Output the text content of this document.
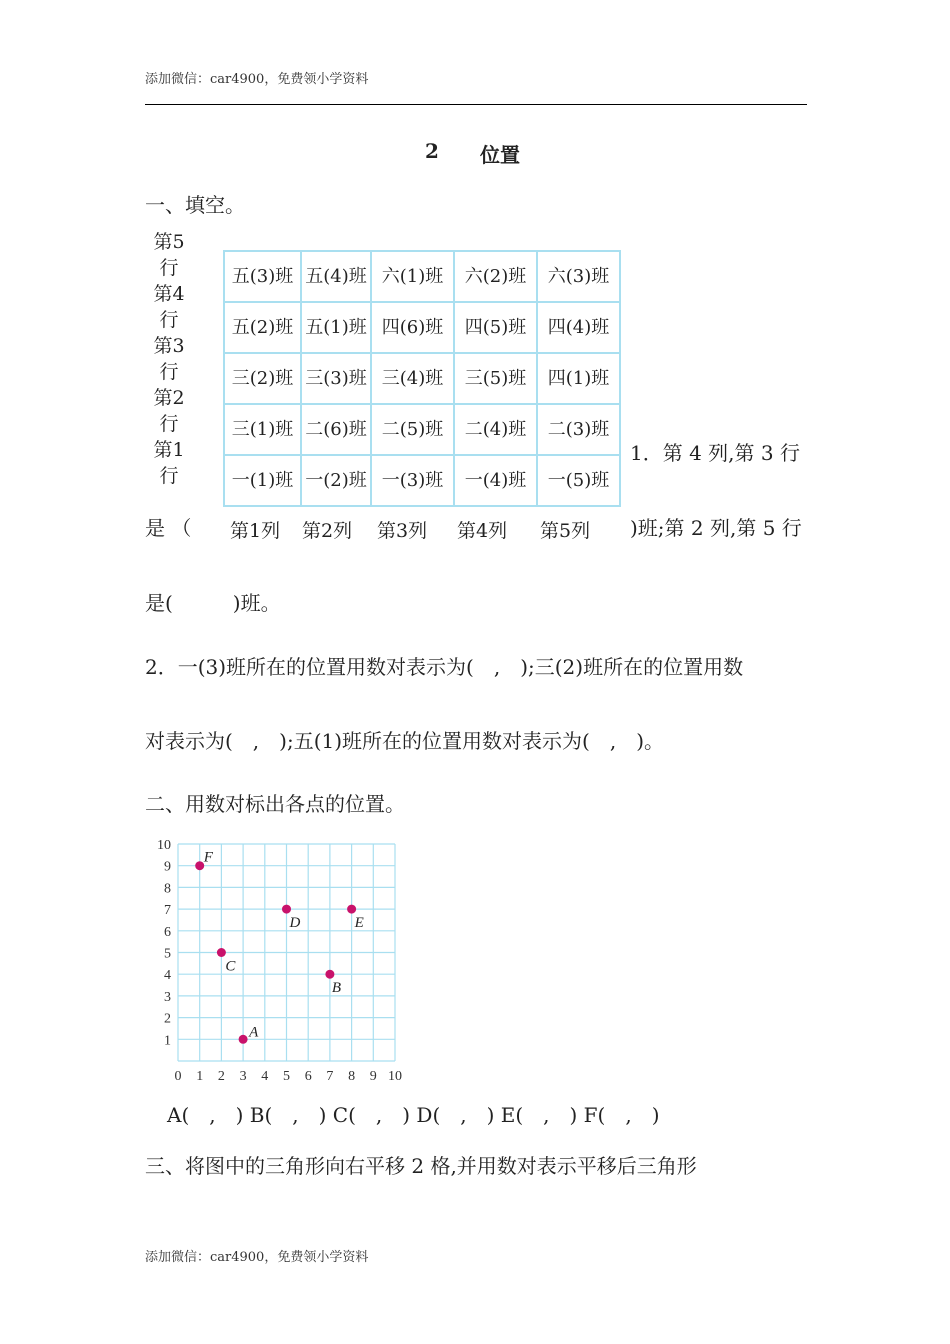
添加微信：car4900，免费领小学资料
2 位置
一、填空。
第5行
第4行
第3行
第2行
第1行
五(3)班	五(4)班	六(1)班	六(2)班	六(3)班
五(2)班	五(1)班	四(6)班	四(5)班	四(4)班
三(2)班	三(3)班	三(4)班	三(5)班	四(1)班
三(1)班	二(6)班	二(5)班	二(4)班	二(3)班
一(1)班	一(2)班	一(3)班	一(4)班	一(5)班
第1列 第2列 第3列 第4列 第5列
1．第 4 列,第 3 行
是 （	)班;第 2 列,第 5 行
是(　　　)班。
2．一(3)班所在的位置用数对表示为(　,　);三(2)班所在的位置用数
对表示为(　,　);五(1)班所在的位置用数对表示为(　,　)。
二、用数对标出各点的位置。
0 1 2 3 4 5 6 7 8 9 10
1
2
3
4
5
6
7
8
9
10
A
B
C
D	E
F
A(　,　) B(　,　) C(　,　) D(　,　) E(　,　) F(　,　)
三、将图中的三角形向右平移 2 格,并用数对表示平移后三角形
添加微信：car4900，免费领小学资料
